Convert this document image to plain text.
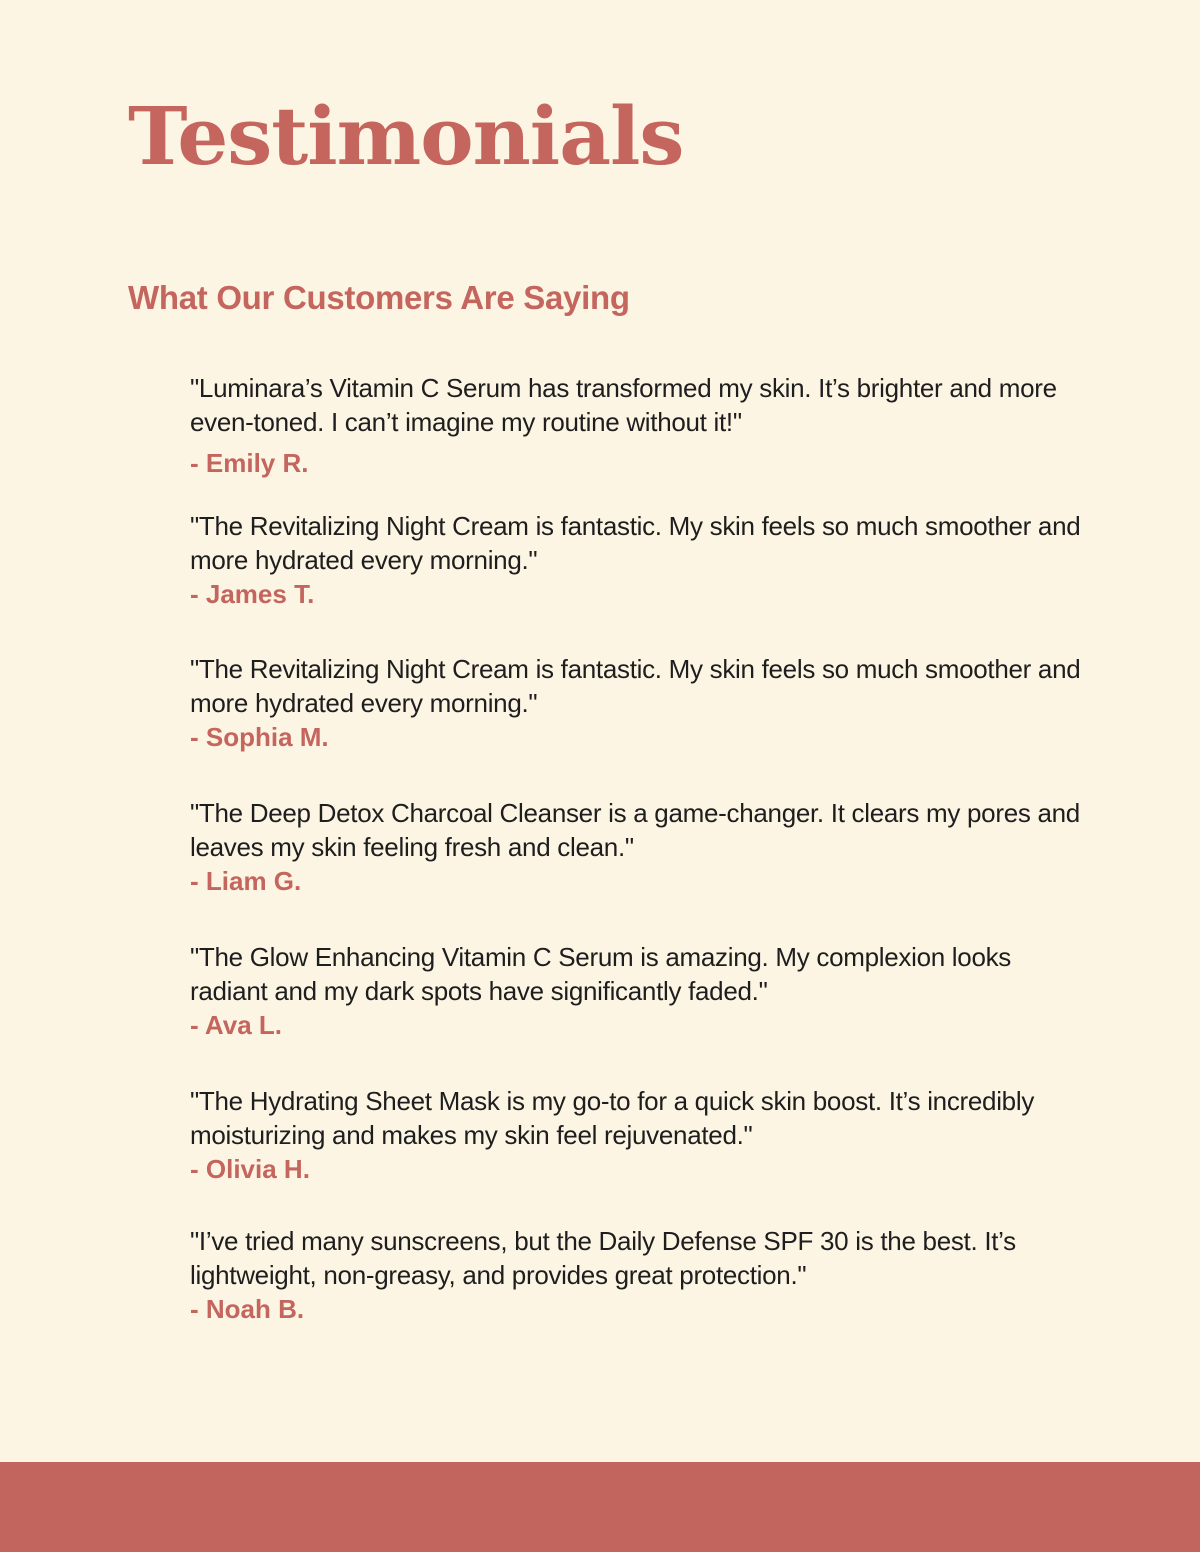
Testimonials
What Our Customers Are Saying

"Luminara’s Vitamin C Serum has transformed my skin. It’s brighter and more even-toned. I can’t imagine my routine without it!"

- Emily R.

"The Revitalizing Night Cream is fantastic. My skin feels so much smoother and more hydrated every morning."

- James T.

"The Revitalizing Night Cream is fantastic. My skin feels so much smoother and more hydrated every morning."

- Sophia M.

"The Deep Detox Charcoal Cleanser is a game-changer. It clears my pores and leaves my skin feeling fresh and clean."

- Liam G.

"The Glow Enhancing Vitamin C Serum is amazing. My complexion looks radiant and my dark spots have significantly faded."

- Ava L.

"The Hydrating Sheet Mask is my go-to for a quick skin boost. It’s incredibly moisturizing and makes my skin feel rejuvenated."

- Olivia H.

"I’ve tried many sunscreens, but the Daily Defense SPF 30 is the best. It’s lightweight, non-greasy, and provides great protection."

- Noah B.
